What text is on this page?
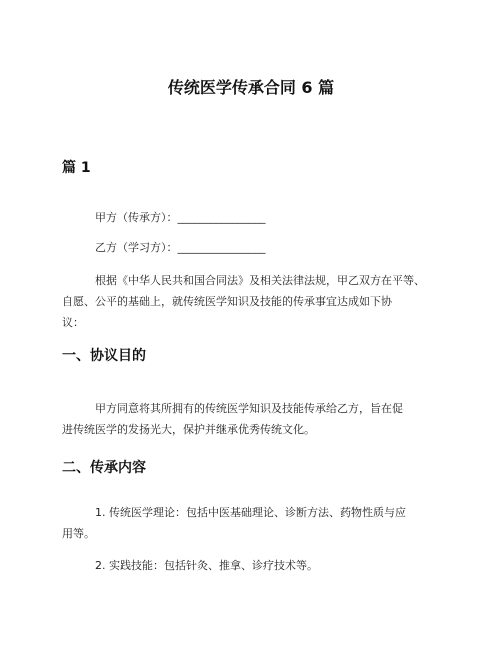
传统医学传承合同 6 篇
篇 1
甲方（传承方）：________________
乙方（学习方）：________________
根据《中华人民共和国合同法》及相关法律法规，甲乙双方在平等、
自愿、公平的基础上，就传统医学知识及技能的传承事宜达成如下协
议：
一、协议目的
甲方同意将其所拥有的传统医学知识及技能传承给乙方，旨在促
进传统医学的发扬光大，保护并继承优秀传统文化。
二、传承内容
1. 传统医学理论：包括中医基础理论、诊断方法、药物性质与应
用等。
2. 实践技能：包括针灸、推拿、诊疗技术等。
